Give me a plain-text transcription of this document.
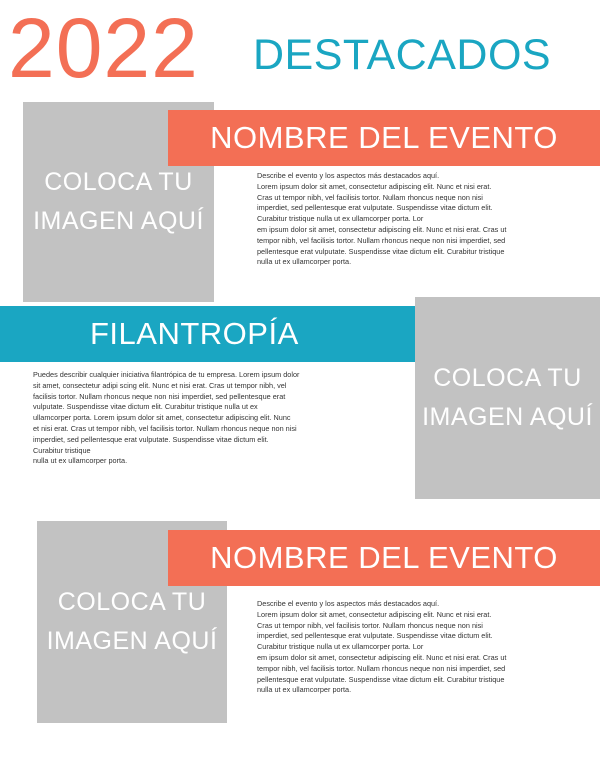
2022 DESTACADOS
COLOCA TU IMAGEN AQUÍ
NOMBRE DEL EVENTO

Describe el evento y los aspectos más destacados aquí.

Lorem ipsum dolor sit amet, consectetur adipiscing elit. Nunc et nisi erat.

Cras ut tempor nibh, vel facilisis tortor. Nullam rhoncus neque non nisi

imperdiet, sed pellentesque erat vulputate. Suspendisse vitae dictum elit.

Curabitur tristique nulla ut ex ullamcorper porta. Lor

em ipsum dolor sit amet, consectetur adipiscing elit. Nunc et nisi erat. Cras ut

tempor nibh, vel facilisis tortor. Nullam rhoncus neque non nisi imperdiet, sed

pellentesque erat vulputate. Suspendisse vitae dictum elit. Curabitur tristique

nulla ut ex ullamcorper porta.

FILANTROPÍA
COLOCA TU IMAGEN AQUÍ

Puedes describir cualquier iniciativa filantrópica de tu empresa. Lorem ipsum dolor

sit amet, consectetur adipi scing elit. Nunc et nisi erat. Cras ut tempor nibh, vel

facilisis tortor. Nullam rhoncus neque non nisi imperdiet, sed pellentesque erat

vulputate. Suspendisse vitae dictum elit. Curabitur tristique nulla ut ex

ullamcorper porta. Lorem ipsum dolor sit amet, consectetur adipiscing elit. Nunc

et nisi erat. Cras ut tempor nibh, vel facilisis tortor. Nullam rhoncus neque non nisi

imperdiet, sed pellentesque erat vulputate. Suspendisse vitae dictum elit.

Curabitur tristique

nulla ut ex ullamcorper porta.

COLOCA TU IMAGEN AQUÍ
NOMBRE DEL EVENTO

Describe el evento y los aspectos más destacados aquí.

Lorem ipsum dolor sit amet, consectetur adipiscing elit. Nunc et nisi erat.

Cras ut tempor nibh, vel facilisis tortor. Nullam rhoncus neque non nisi

imperdiet, sed pellentesque erat vulputate. Suspendisse vitae dictum elit.

Curabitur tristique nulla ut ex ullamcorper porta. Lor

em ipsum dolor sit amet, consectetur adipiscing elit. Nunc et nisi erat. Cras ut

tempor nibh, vel facilisis tortor. Nullam rhoncus neque non nisi imperdiet, sed

pellentesque erat vulputate. Suspendisse vitae dictum elit. Curabitur tristique

nulla ut ex ullamcorper porta.
